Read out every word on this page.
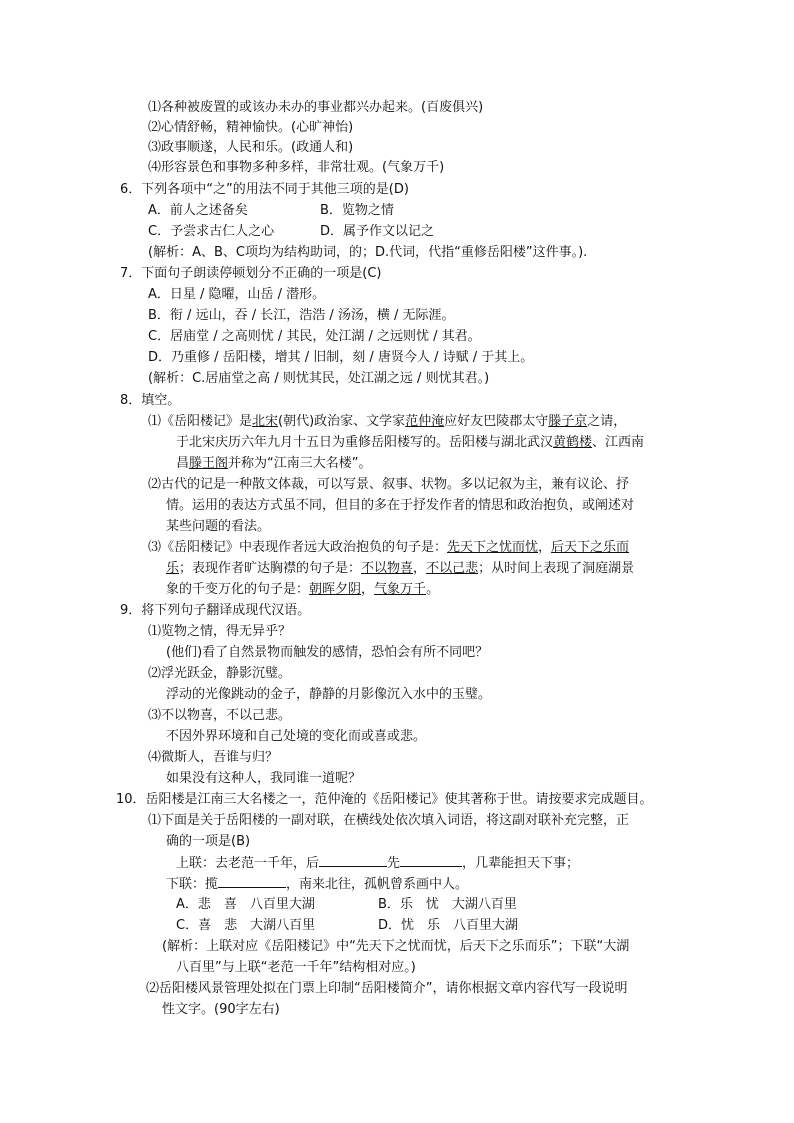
⑴各种被废置的或该办未办的事业都兴办起来。(百废俱兴)
⑵心情舒畅，精神愉快。(心旷神怡)
⑶政事顺遂，人民和乐。(政通人和)
⑷形容景色和事物多种多样，非常壮观。(气象万千)
6．下列各项中“之”的用法不同于其他三项的是(D)
A．前人之述备矣	B．览物之情
C．予尝求古仁人之心	D．属予作文以记之
(解析：A、B、C项均为结构助词，的；D.代词，代指“重修岳阳楼”这件事。).
7．下面句子朗读停顿划分不正确的一项是(C)
A．日星 / 隐曜，山岳 / 潜形。
B．衔 / 远山，吞 / 长江，浩浩 / 汤汤，横 / 无际涯。
C．居庙堂 / 之高则忧 / 其民，处江湖 / 之远则忧 / 其君。
D．乃重修 / 岳阳楼，增其 / 旧制，刻 / 唐贤今人 / 诗赋 / 于其上。
(解析：C.居庙堂之高 / 则忧其民，处江湖之远 / 则忧其君。)
8．填空。
⑴《岳阳楼记》是北宋(朝代)政治家、文学家范仲淹应好友巴陵郡太守滕子京之请，
于北宋庆历六年九月十五日为重修岳阳楼写的。岳阳楼与湖北武汉黄鹤楼、江西南
昌滕王阁并称为“江南三大名楼”。
⑵古代的记是一种散文体裁，可以写景、叙事、状物。多以记叙为主，兼有议论、抒
情。运用的表达方式虽不同，但目的多在于抒发作者的情思和政治抱负，或阐述对
某些问题的看法。
⑶《岳阳楼记》中表现作者远大政治抱负的句子是：先天下之忧而忧，后天下之乐而
乐；表现作者旷达胸襟的句子是：不以物喜，不以己悲；从时间上表现了洞庭湖景
象的千变万化的句子是：朝晖夕阴，气象万千。
9．将下列句子翻译成现代汉语。
⑴览物之情，得无异乎？
(他们)看了自然景物而触发的感情，恐怕会有所不同吧？
⑵浮光跃金，静影沉璧。
浮动的光像跳动的金子，静静的月影像沉入水中的玉璧。
⑶不以物喜，不以己悲。
不因外界环境和自己处境的变化而或喜或悲。
⑷微斯人，吾谁与归？
如果没有这种人，我同谁一道呢？
10．岳阳楼是江南三大名楼之一，范仲淹的《岳阳楼记》使其著称于世。请按要求完成题目。
⑴下面是关于岳阳楼的一副对联，在横线处依次填入词语，将这副对联补充完整，正
确的一项是(B)
上联：去老范一千年，后	先	，几辈能担天下事；
下联：揽	，南来北往，孤帆曾系画中人。
A．悲　喜　八百里大湖	B．乐　忧　大湖八百里
C．喜　悲　大湖八百里	D．忧　乐　八百里大湖
(解析：上联对应《岳阳楼记》中“先天下之忧而忧，后天下之乐而乐”；下联“大湖
八百里”与上联“老范一千年”结构相对应。)
⑵岳阳楼风景管理处拟在门票上印制“岳阳楼简介”，请你根据文章内容代写一段说明
性文字。(90字左右)
